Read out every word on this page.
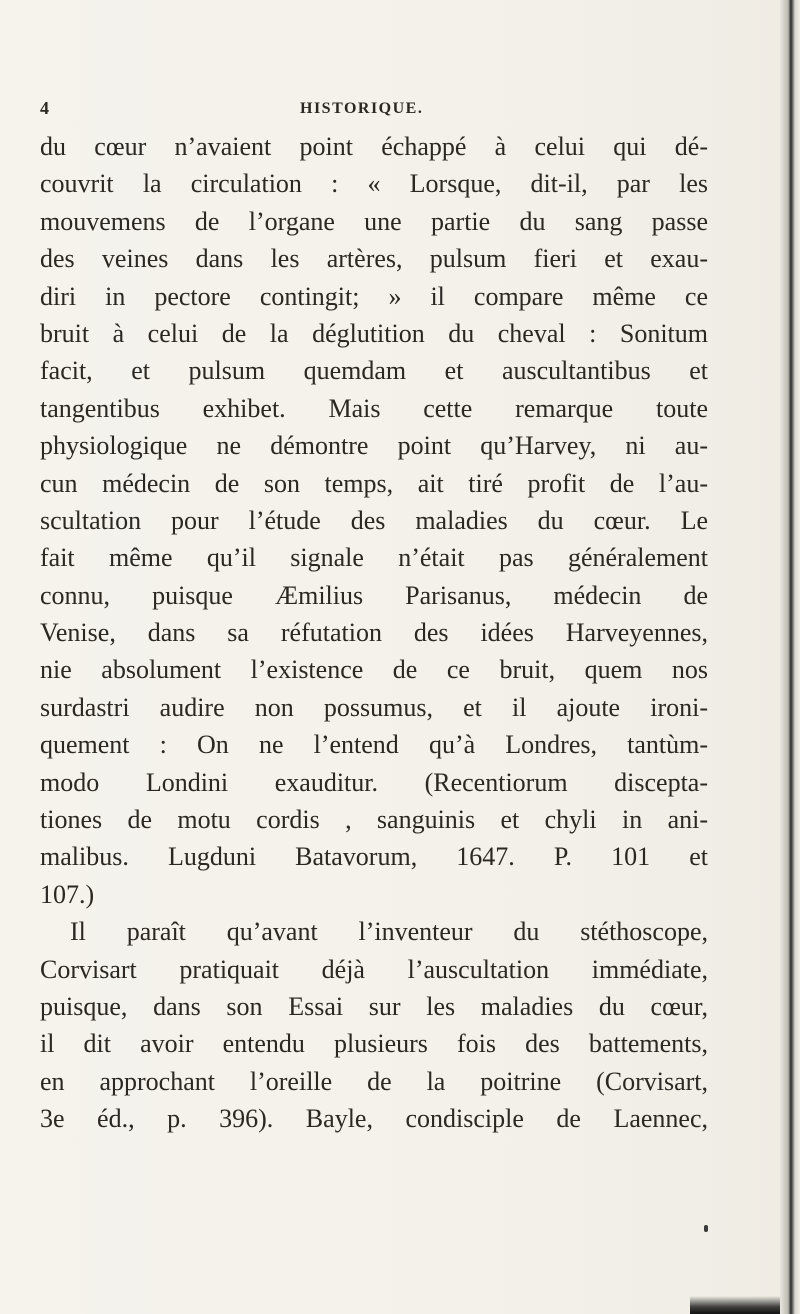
4	HISTORIQUE.
du cœur n’avaient point échappé à celui qui dé-
couvrit la circulation : « Lorsque, dit-il, par les
mouvemens de l’organe une partie du sang passe
des veines dans les artères, pulsum fieri et exau-
diri in pectore contingit; » il compare même ce
bruit à celui de la déglutition du cheval : Sonitum
facit, et pulsum quemdam et auscultantibus et
tangentibus exhibet. Mais cette remarque toute
physiologique ne démontre point qu’Harvey, ni au-
cun médecin de son temps, ait tiré profit de l’au-
scultation pour l’étude des maladies du cœur. Le
fait même qu’il signale n’était pas généralement
connu, puisque Æmilius Parisanus, médecin de
Venise, dans sa réfutation des idées Harveyennes,
nie absolument l’existence de ce bruit, quem nos
surdastri audire non possumus, et il ajoute ironi-
quement : On ne l’entend qu’à Londres, tantùm-
modo Londini exauditur. (Recentiorum discepta-
tiones de motu cordis , sanguinis et chyli in ani-
malibus. Lugduni Batavorum, 1647. P. 101 et
107.)
Il paraît qu’avant l’inventeur du stéthoscope,
Corvisart pratiquait déjà l’auscultation immédiate,
puisque, dans son Essai sur les maladies du cœur,
il dit avoir entendu plusieurs fois des battements,
en approchant l’oreille de la poitrine (Corvisart,
3e éd., p. 396). Bayle, condisciple de Laennec,
